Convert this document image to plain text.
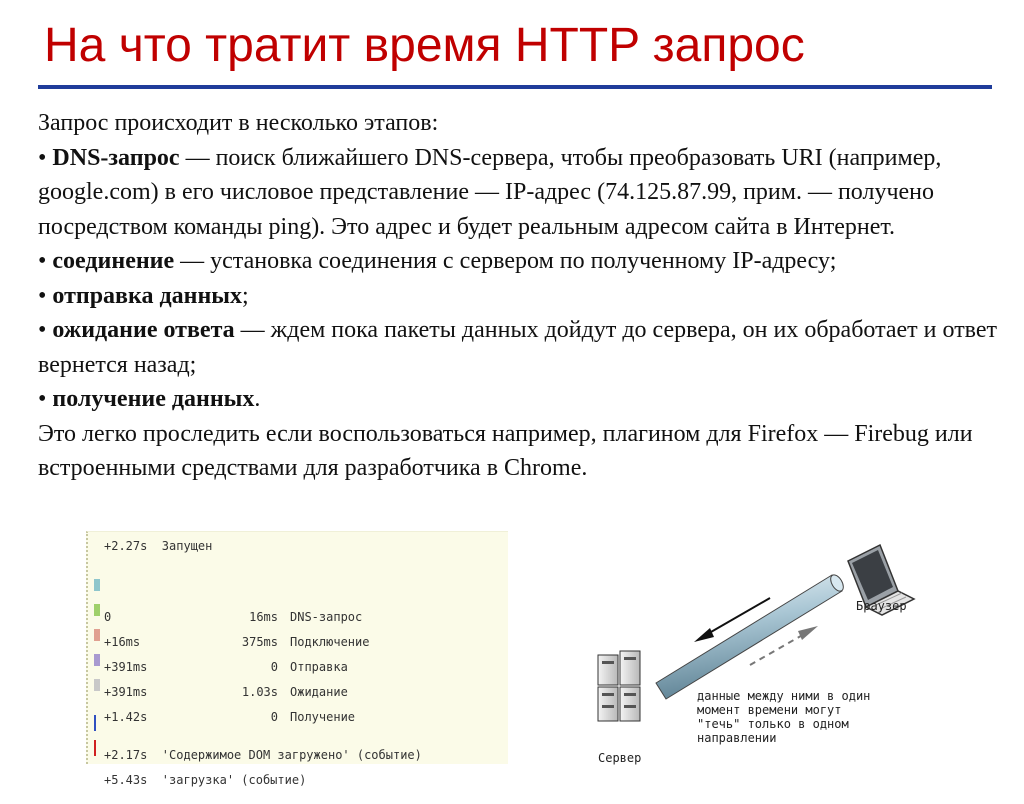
На что тратит время HTTP запрос

Запрос происходит в несколько этапов:

• DNS-запрос — поиск ближайшего DNS-сервера, чтобы преобразовать URI (например, google.com) в его числовое представление — IP-адрес (74.125.87.99, прим. — получено посредством команды ping). Это адрес и будет реальным адресом сайта в Интернет.

• соединение — установка соединения с сервером по полученному IP-адресу;

• отправка данных;

• ожидание ответа — ждем пока пакеты данных дойдут до сервера, он их обработает и ответ вернется назад;

• получение данных.

Это легко проследить если воспользоваться например, плагином для Firefox — Firebug или встроенными средствами для разработчика в Chrome.

+2.27s  Запущен

0	16ms DNS-запрос

+16ms	375ms Подключение

+391ms	0 Отправка

+391ms	1.03s Ожидание

+1.42s	0 Получение

+2.17s  'Содержимое DOM загружено' (событие)

+5.43s  'загрузка' (событие)

Браузер
Сервер
данные между ними в один
момент времени могут
"течь" только в одном
направлении
